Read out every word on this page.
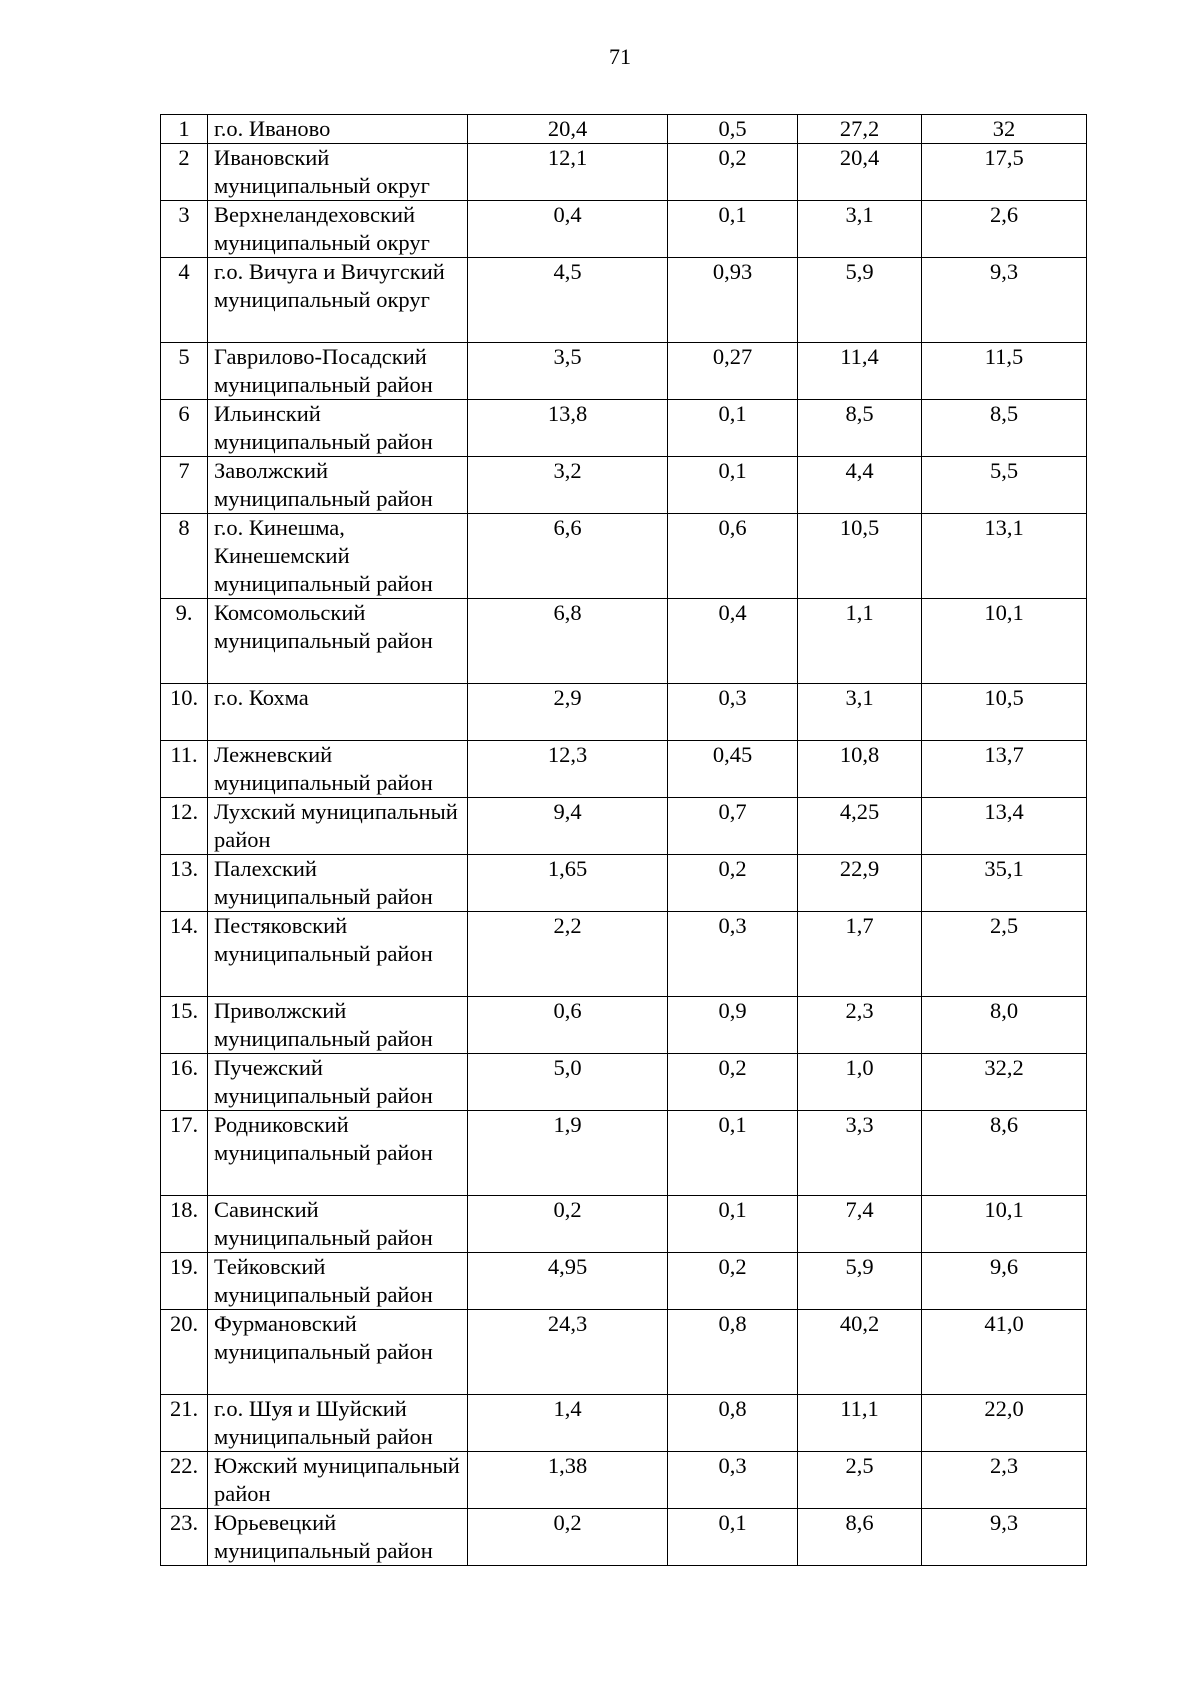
71
1	г.о. Иваново	20,4	0,5	27,2	32
2	Ивановский муниципальный округ	12,1	0,2	20,4	17,5
3	Верхнеландеховский муниципальный округ	0,4	0,1	3,1	2,6
4	г.о. Вичуга и Вичугский муниципальный округ	4,5	0,93	5,9	9,3
5	Гаврилово-Посадский муниципальный район	3,5	0,27	11,4	11,5
6	Ильинский муниципальный район	13,8	0,1	8,5	8,5
7	Заволжский муниципальный район	3,2	0,1	4,4	5,5
8	г.о. Кинешма, Кинешемский муниципальный район	6,6	0,6	10,5	13,1
9.	Комсомольский муниципальный район	6,8	0,4	1,1	10,1
10.	г.о. Кохма	2,9	0,3	3,1	10,5
11.	Лежневский муниципальный район	12,3	0,45	10,8	13,7
12.	Лухский муниципальный район	9,4	0,7	4,25	13,4
13.	Палехский муниципальный район	1,65	0,2	22,9	35,1
14.	Пестяковский муниципальный район	2,2	0,3	1,7	2,5
15.	Приволжский муниципальный район	0,6	0,9	2,3	8,0
16.	Пучежский муниципальный район	5,0	0,2	1,0	32,2
17.	Родниковский муниципальный район	1,9	0,1	3,3	8,6
18.	Савинский муниципальный район	0,2	0,1	7,4	10,1
19.	Тейковский муниципальный район	4,95	0,2	5,9	9,6
20.	Фурмановский муниципальный район	24,3	0,8	40,2	41,0
21.	г.о. Шуя и Шуйский муниципальный район	1,4	0,8	11,1	22,0
22.	Южский муниципальный район	1,38	0,3	2,5	2,3
23.	Юрьевецкий муниципальный район	0,2	0,1	8,6	9,3
